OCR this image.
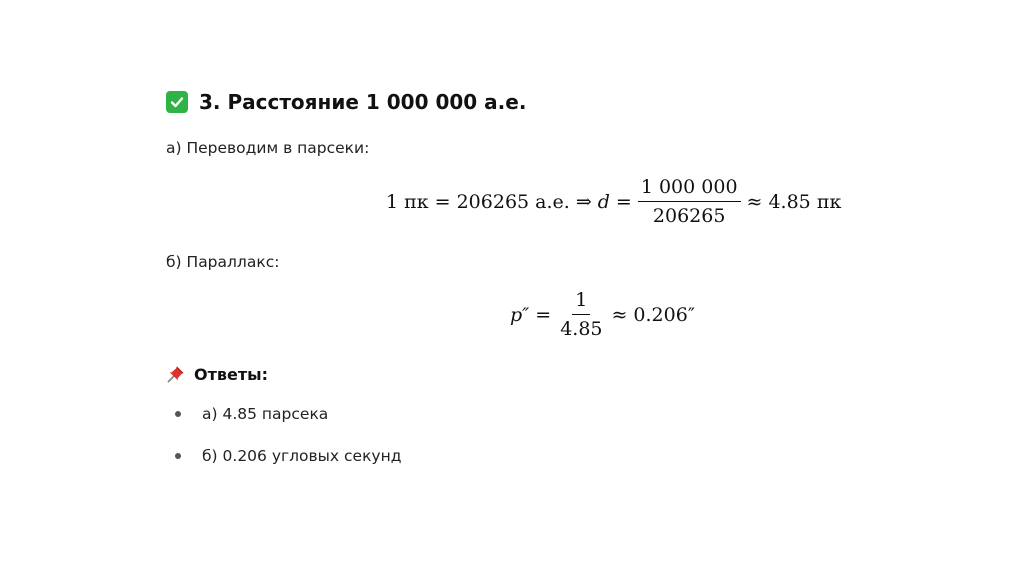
3. Расстояние 1 000 000 а.е.
а) Переводим в парсеки:
1 пк = 206265 а.е. ⇒ $d = \frac{1 000 000}{206265} \approx 4.85$ пк
б) Параллакс:
$p'' = \frac{1}{4.85} \approx 0.206''$
Ответы:
а) 4.85 парсека
б) 0.206 угловых секунд
